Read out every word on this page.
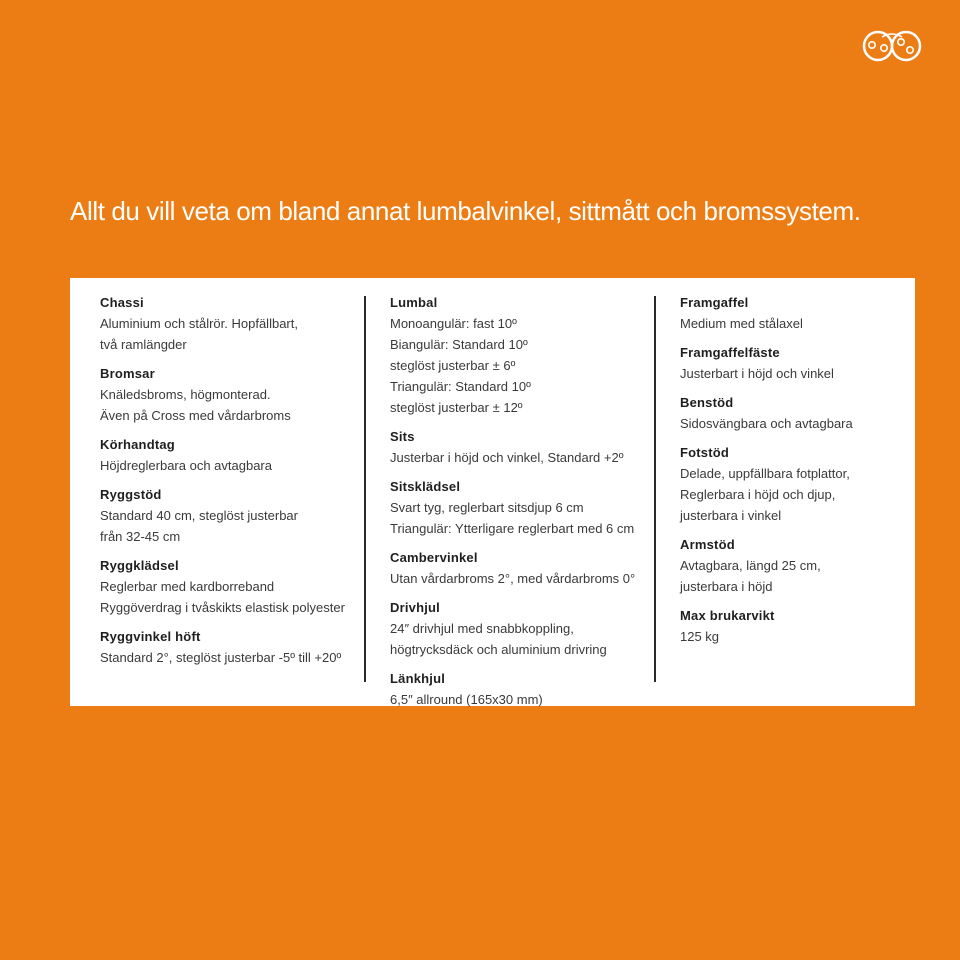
Allt du vill veta om bland annat lumbalvinkel, sittmått och bromssystem.
Chassi
Aluminium och stålrör. Hopfällbart,
två ramlängder
Bromsar
Knäledsbroms, högmonterad.
Även på Cross med vårdarbroms
Körhandtag
Höjdreglerbara och avtagbara
Ryggstöd
Standard 40 cm, steglöst justerbar
från 32-45 cm
Ryggklädsel
Reglerbar med kardborreband
Ryggöverdrag i tvåskikts elastisk polyester
Ryggvinkel höft
Standard 2°, steglöst justerbar -5º till +20º
Lumbal
Monoangulär: fast 10º
Biangulär: Standard 10º
steglöst justerbar ± 6º
Triangulär: Standard 10º
steglöst justerbar ± 12º
Sits
Justerbar i höjd och vinkel, Standard +2º
Sitsklädsel
Svart tyg, reglerbart sitsdjup 6 cm
Triangulär: Ytterligare reglerbart med 6 cm
Cambervinkel
Utan vårdarbroms 2°, med vårdarbroms 0°
Drivhjul
24″ drivhjul med snabbkoppling,
högtrycksdäck och aluminium drivring
Länkhjul
6,5″ allround (165x30 mm)
Framgaffel
Medium med stålaxel
Framgaffelfäste
Justerbart i höjd och vinkel
Benstöd
Sidosvängbara och avtagbara
Fotstöd
Delade, uppfällbara fotplattor,
Reglerbara i höjd och djup,
justerbara i vinkel
Armstöd
Avtagbara, längd 25 cm,
justerbara i höjd
Max brukarvikt
125 kg
